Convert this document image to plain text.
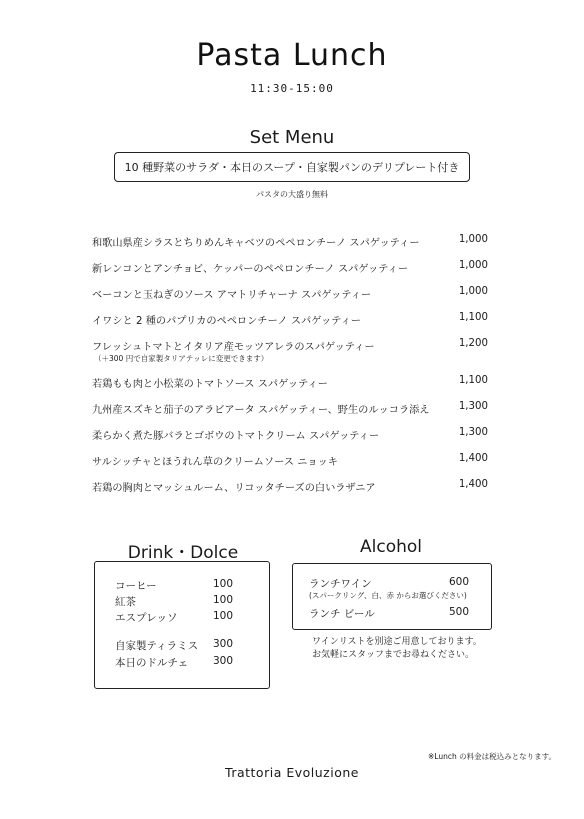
Pasta Lunch
11:30-15:00
Set Menu
10 種野菜のサラダ・本日のスープ・自家製パンのデリプレート付き
パスタの大盛り無料
和歌山県産シラスとちりめんキャベツのペペロンチーノ スパゲッティー	1,000
新レンコンとアンチョビ、ケッパーのペペロンチーノ スパゲッティー	1,000
ベーコンと玉ねぎのソース アマトリチャーナ スパゲッティー	1,000
イワシと 2 種のパプリカのペペロンチーノ スパゲッティー	1,100
フレッシュトマトとイタリア産モッツアレラのスパゲッティー	1,200
（＋300 円で自家製タリアテッレに変更できます）
若鶏もも肉と小松菜のトマトソース スパゲッティー	1,100
九州産スズキと茄子のアラビアータ スパゲッティー、野生のルッコラ添え	1,300
柔らかく煮た豚バラとゴボウのトマトクリーム スパゲッティー	1,300
サルシッチャとほうれん草のクリームソース ニョッキ	1,400
若鶏の胸肉とマッシュルーム、リコッタチーズの白いラザニア	1,400
Drink・Dolce
コーヒー	100
紅茶	100
エスプレッソ	100
自家製ティラミス 300
本日のドルチェ 300
Alcohol
ランチワイン	600
(スパークリング、白、赤 からお選びください)
ランチ ビール	500
ワインリストを別途ご用意しております。
お気軽にスタッフまでお尋ねください。
※Lunch の料金は税込みとなります。
Trattoria Evoluzione
